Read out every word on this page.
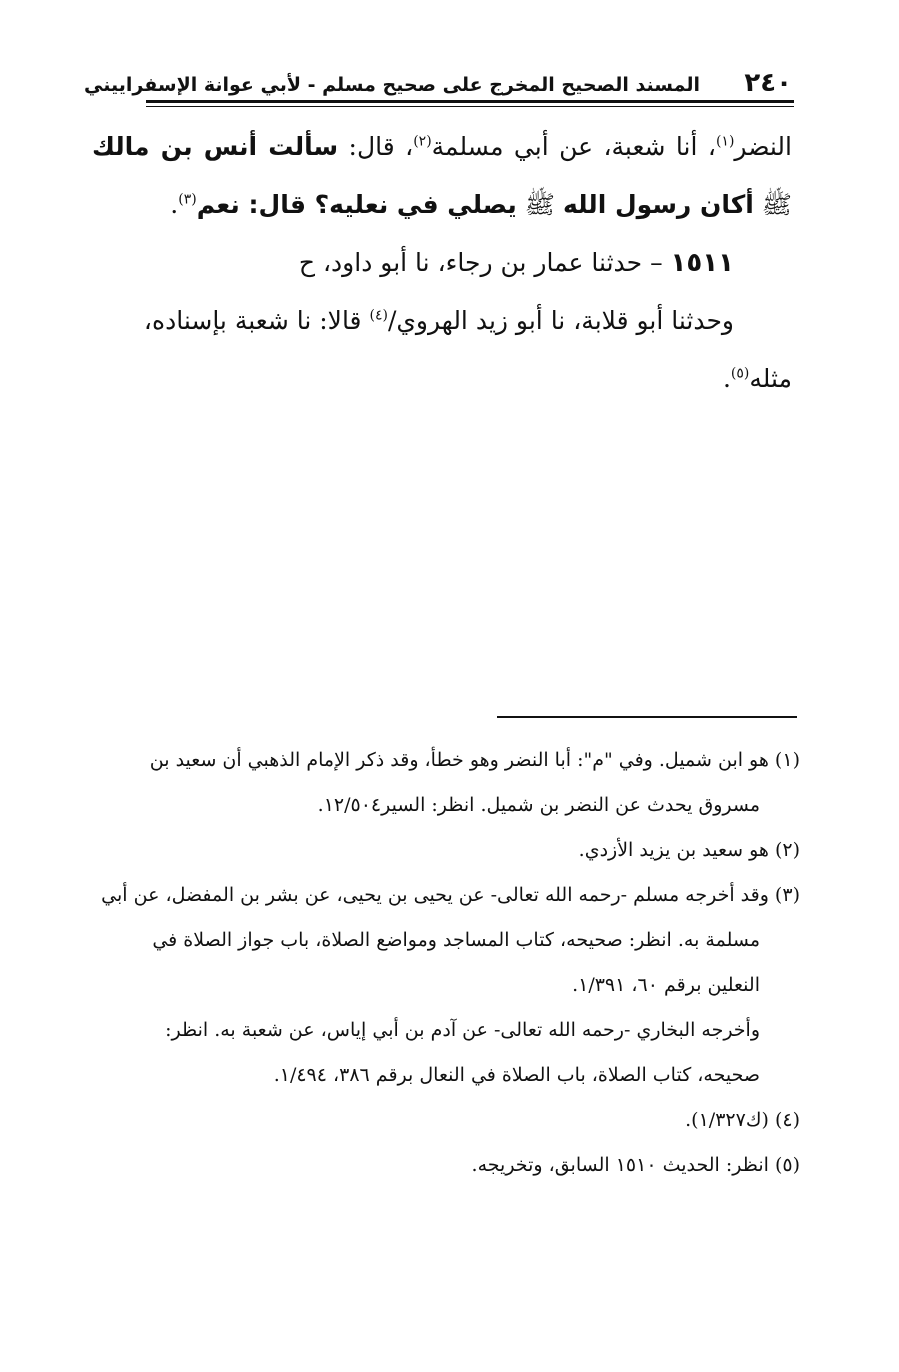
٢٤٠
المسند الصحيح المخرج على صحيح مسلم - لأبي عوانة الإسفراييني

النضر$^{(١)}$، أنا شعبة، عن أبي مسلمة$^{(٢)}$، قال: سألت أنس بن مالك ﷺ أكان رسول الله ﷺ يصلي في نعليه؟ قال: نعم$^{(٣)}$.

١٥١١ – حدثنا عمار بن رجاء، نا أبو داود، ح

وحدثنا أبو قلابة، نا أبو زيد الهروي/$^{(٤)}$ قالا: نا شعبة بإسناده،

مثله$^{(٥)}$.

(١) هو ابن شميل. وفي "م": أبا النضر وهو خطأ، وقد ذكر الإمام الذهبي أن سعيد بن

مسروق يحدث عن النضر بن شميل. انظر: السير١٢/٥٠٤.

(٢) هو سعيد بن يزيد الأزدي.

(٣) وقد أخرجه مسلم -رحمه الله تعالى- عن يحيى بن يحيى، عن بشر بن المفضل، عن أبي

مسلمة به. انظر: صحيحه، كتاب المساجد ومواضع الصلاة، باب جواز الصلاة في

النعلين برقم ٦٠، ١/٣٩١.

وأخرجه البخاري -رحمه الله تعالى- عن آدم بن أبي إياس، عن شعبة به. انظر:

صحيحه، كتاب الصلاة، باب الصلاة في النعال برقم ٣٨٦، ١/٤٩٤.

(٤) (ك١/٣٢٧).

(٥) انظر: الحديث ١٥١٠ السابق، وتخريجه.
